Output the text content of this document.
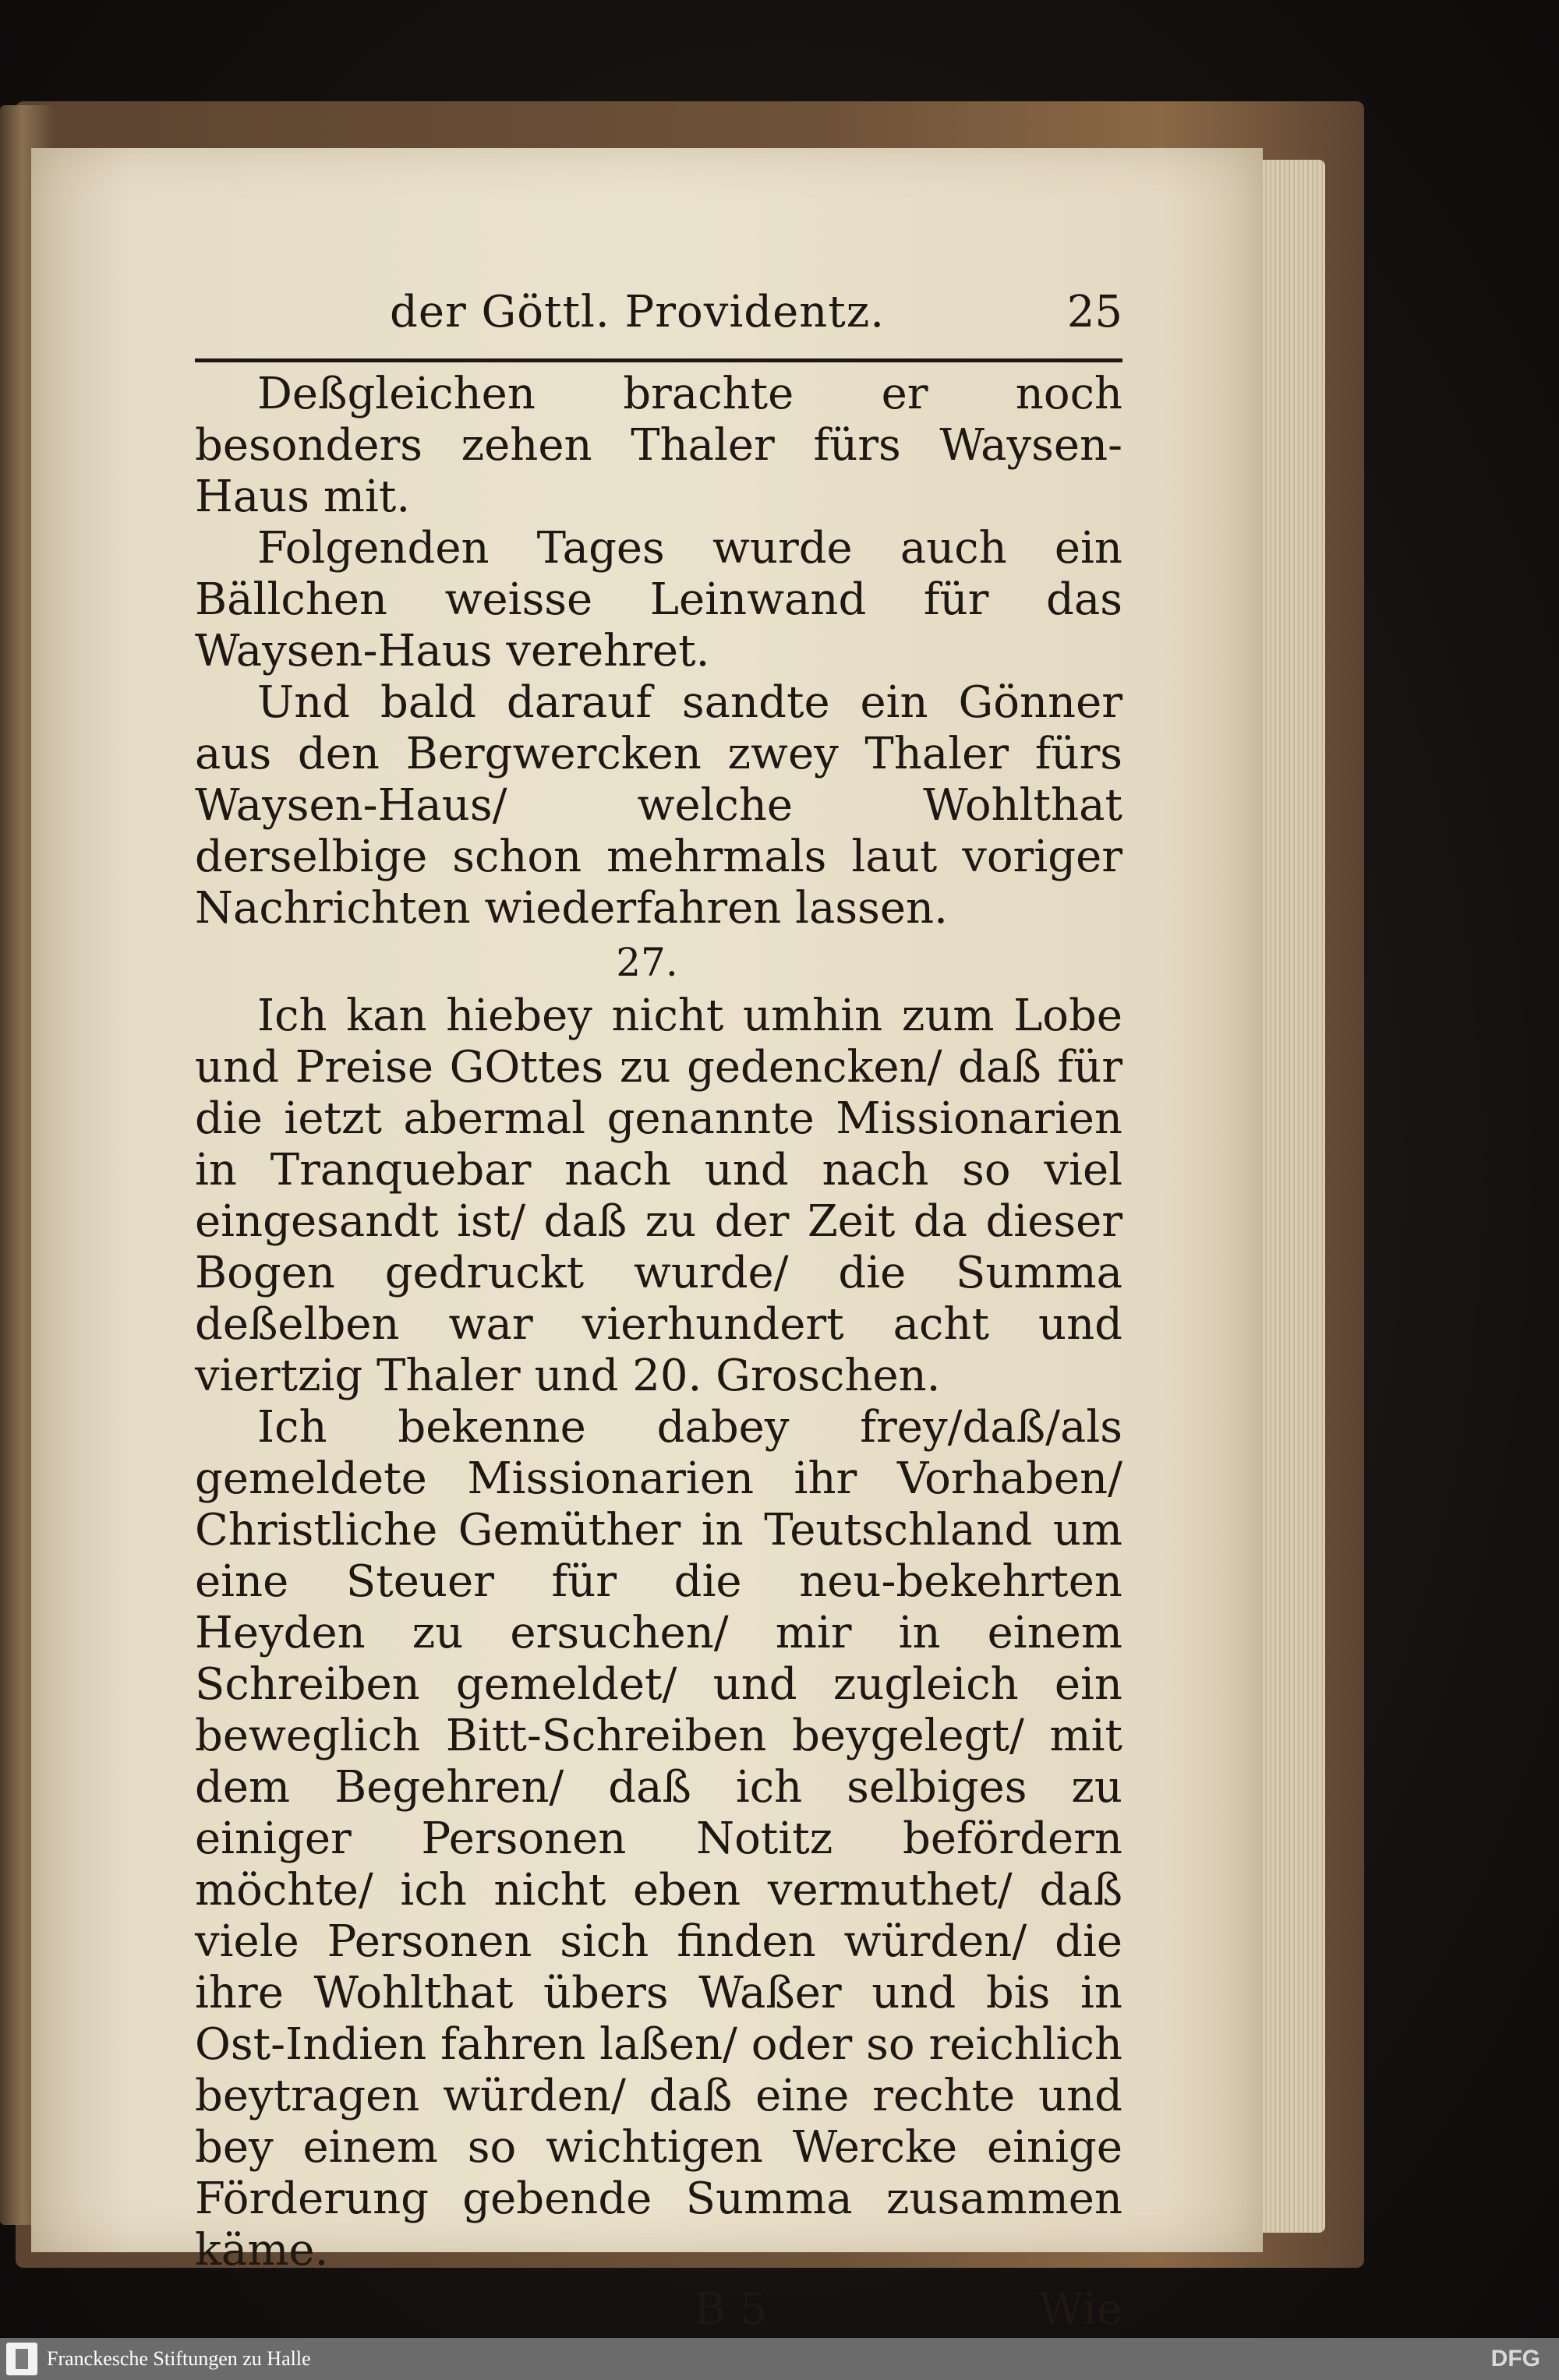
der Göttl. Providentz.	25

Deßgleichen brachte er noch besonders zehen Thaler fürs Waysen-Haus mit.

Folgenden Tages wurde auch ein Bällchen weisse Leinwand für das Waysen-Haus verehret.

Und bald darauf sandte ein Gönner aus den Bergwercken zwey Thaler fürs Waysen-Haus/ welche Wohlthat derselbige schon mehrmals laut voriger Nachrichten wiederfahren lassen.

27.

Ich kan hiebey nicht umhin zum Lobe und Preise GOttes zu gedencken/ daß für die ietzt abermal genannte Missionarien in Tranquebar nach und nach so viel eingesandt ist/ daß zu der Zeit da dieser Bogen gedruckt wurde/ die Summa deßelben war vierhundert acht und viertzig Thaler und 20. Groschen.

Ich bekenne dabey frey/daß/als gemeldete Missionarien ihr Vorhaben/ Christliche Gemüther in Teutschland um eine Steuer für die neu-bekehrten Heyden zu ersuchen/ mir in einem Schreiben gemeldet/ und zugleich ein beweglich Bitt-Schreiben beygelegt/ mit dem Begehren/ daß ich selbiges zu einiger Personen Notitz befördern möchte/ ich nicht eben vermuthet/ daß viele Personen sich finden würden/ die ihre Wohlthat übers Waßer und bis in Ost-Indien fahren laßen/ oder so reichlich beytragen würden/ daß eine rechte und bey einem so wichtigen Wercke einige Förderung gebende Summa zusammen käme.

B 5	Wie
Franckesche Stiftungen zu Halle	DFG
